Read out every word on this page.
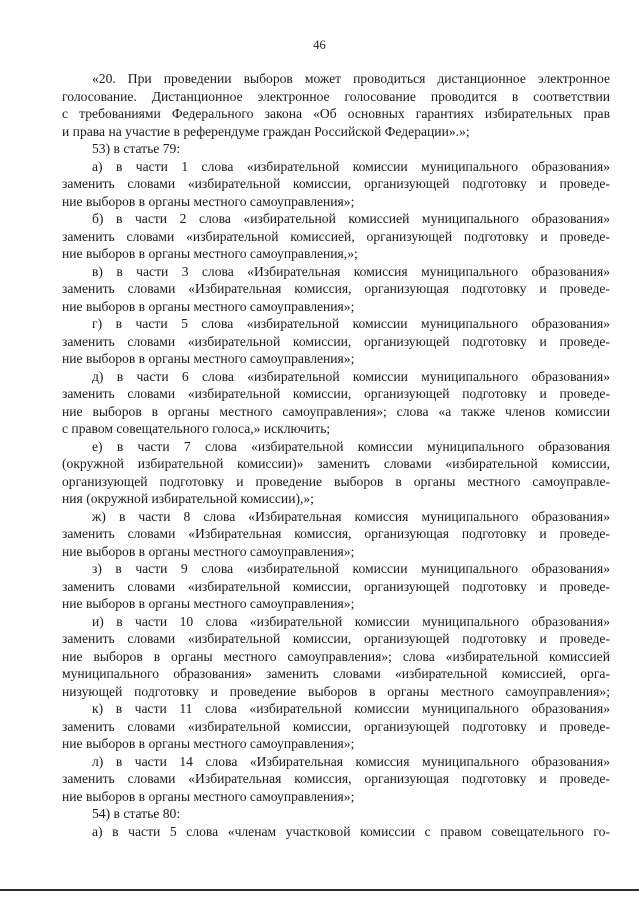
46
«20. При проведении выборов может проводиться дистанционное электронное
голосование. Дистанционное электронное голосование проводится в соответствии
с требованиями Федерального закона «Об основных гарантиях избирательных прав
и права на участие в референдуме граждан Российской Федерации».»;
53) в статье 79:
а) в части 1 слова «избирательной комиссии муниципального образования»
заменить словами «избирательной комиссии, организующей подготовку и проведе-
ние выборов в органы местного самоуправления»;
б) в части 2 слова «избирательной комиссией муниципального образования»
заменить словами «избирательной комиссией, организующей подготовку и проведе-
ние выборов в органы местного самоуправления,»;
в) в части 3 слова «Избирательная комиссия муниципального образования»
заменить словами «Избирательная комиссия, организующая подготовку и проведе-
ние выборов в органы местного самоуправления»;
г) в части 5 слова «избирательной комиссии муниципального образования»
заменить словами «избирательной комиссии, организующей подготовку и проведе-
ние выборов в органы местного самоуправления»;
д) в части 6 слова «избирательной комиссии муниципального образования»
заменить словами «избирательной комиссии, организующей подготовку и проведе-
ние выборов в органы местного самоуправления»; слова «а также членов комиссии
с правом совещательного голоса,» исключить;
е) в части 7 слова «избирательной комиссии муниципального образования
(окружной избирательной комиссии)» заменить словами «избирательной комиссии,
организующей подготовку и проведение выборов в органы местного самоуправле-
ния (окружной избирательной комиссии),»;
ж) в части 8 слова «Избирательная комиссия муниципального образования»
заменить словами «Избирательная комиссия, организующая подготовку и проведе-
ние выборов в органы местного самоуправления»;
з) в части 9 слова «избирательной комиссии муниципального образования»
заменить словами «избирательной комиссии, организующей подготовку и проведе-
ние выборов в органы местного самоуправления»;
и) в части 10 слова «избирательной комиссии муниципального образования»
заменить словами «избирательной комиссии, организующей подготовку и проведе-
ние выборов в органы местного самоуправления»; слова «избирательной комиссией
муниципального образования» заменить словами «избирательной комиссией, орга-
низующей подготовку и проведение выборов в органы местного самоуправления»;
к) в части 11 слова «избирательной комиссии муниципального образования»
заменить словами «избирательной комиссии, организующей подготовку и проведе-
ние выборов в органы местного самоуправления»;
л) в части 14 слова «Избирательная комиссия муниципального образования»
заменить словами «Избирательная комиссия, организующая подготовку и проведе-
ние выборов в органы местного самоуправления»;
54) в статье 80:
а) в части 5 слова «членам участковой комиссии с правом совещательного го-
